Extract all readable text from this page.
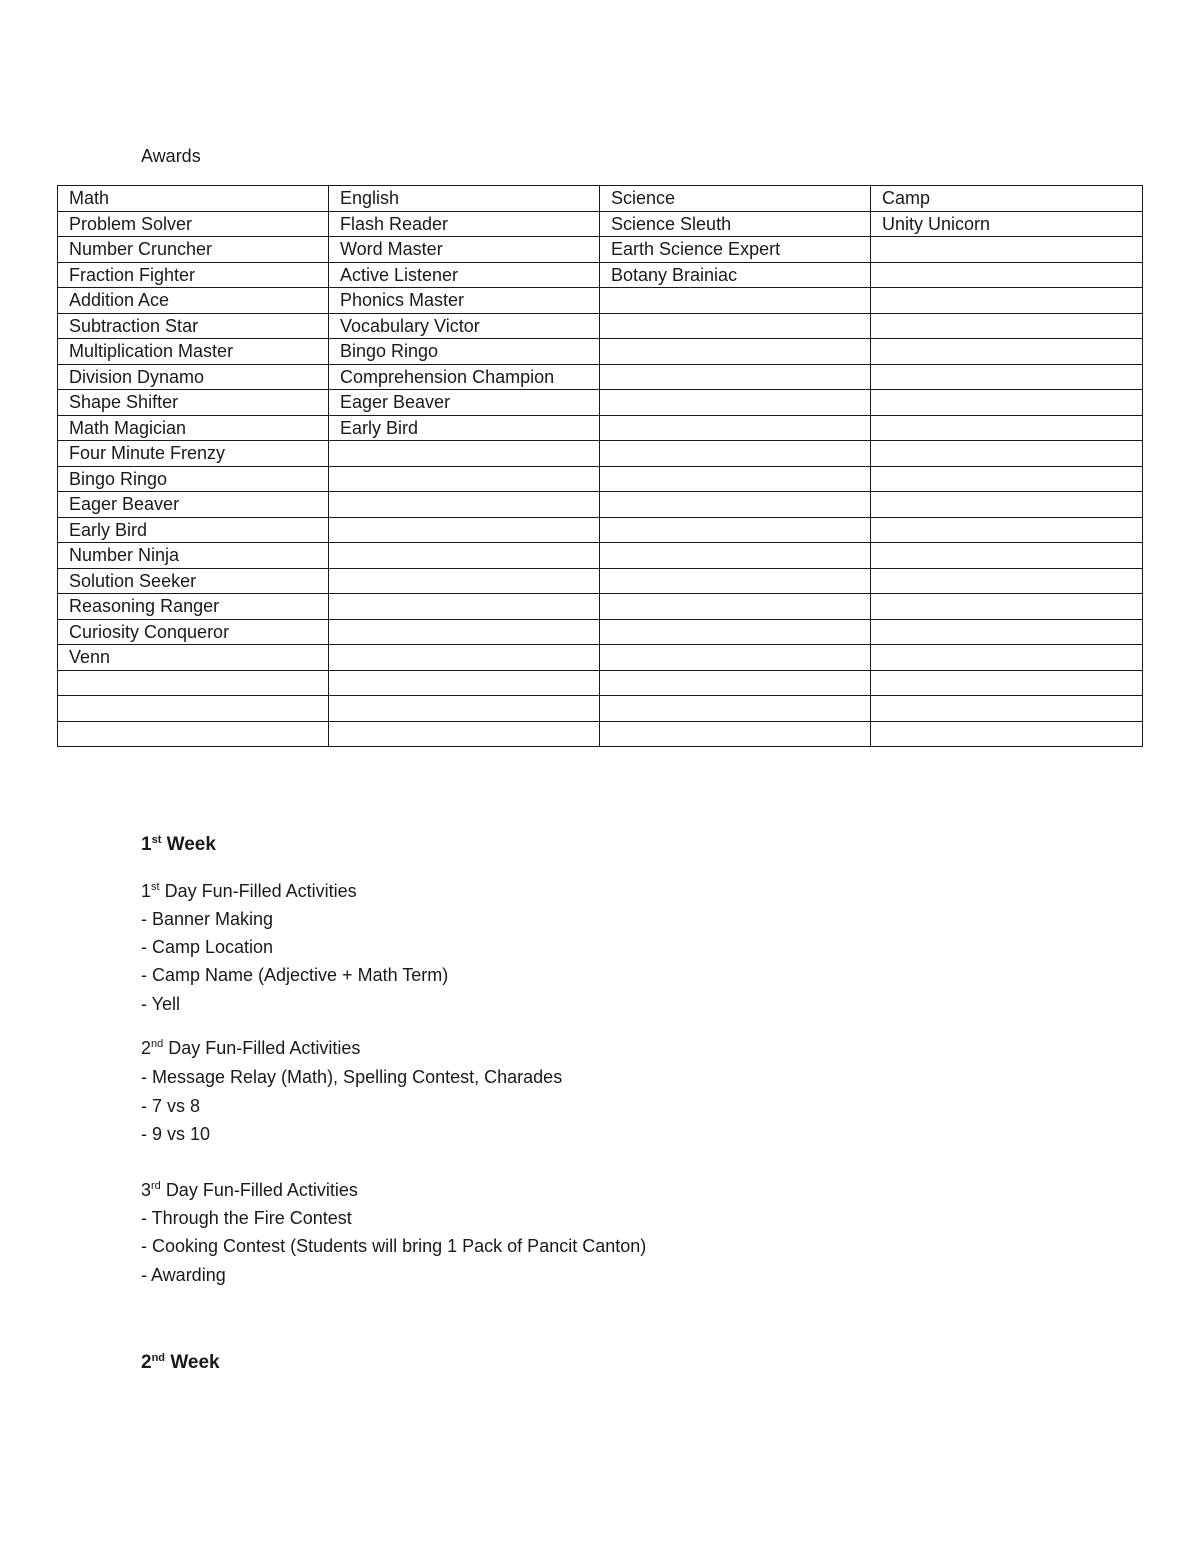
Awards
Math	English	Science	Camp
Problem Solver	Flash Reader	Science Sleuth	Unity Unicorn
Number Cruncher	Word Master	Earth Science Expert	
Fraction Fighter	Active Listener	Botany Brainiac	
Addition Ace	Phonics Master		
Subtraction Star	Vocabulary Victor		
Multiplication Master	Bingo Ringo		
Division Dynamo	Comprehension Champion		
Shape Shifter	Eager Beaver		
Math Magician	Early Bird		
Four Minute Frenzy			
Bingo Ringo			
Eager Beaver			
Early Bird			
Number Ninja			
Solution Seeker			
Reasoning Ranger			
Curiosity Conqueror			
Venn			

1st Week
1st Day Fun-Filled Activities
- Banner Making
- Camp Location
- Camp Name (Adjective + Math Term)
- Yell
2nd Day Fun-Filled Activities
- Message Relay (Math), Spelling Contest, Charades
- 7 vs 8
- 9 vs 10
3rd Day Fun-Filled Activities
- Through the Fire Contest
- Cooking Contest (Students will bring 1 Pack of Pancit Canton)
- Awarding
2nd Week
